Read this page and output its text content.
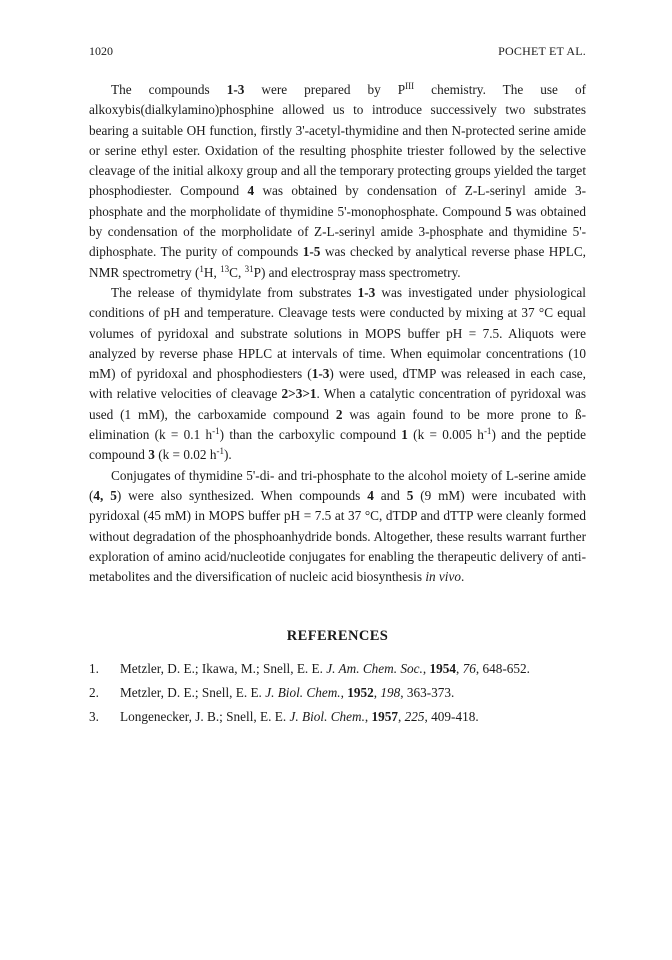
1020	POCHET ET AL.

The compounds 1-3 were prepared by $P^{III}$ chemistry. The use of alkoxybis(dialkylamino)phosphine allowed us to introduce successively two substrates bearing a suitable OH function, firstly 3'-acetyl-thymidine and then N-protected serine amide or serine ethyl ester. Oxidation of the resulting phosphite triester followed by the selective cleavage of the initial alkoxy group and all the temporary protecting groups yielded the target phosphodiester. Compound 4 was obtained by condensation of Z-L-serinyl amide 3-phosphate and the morpholidate of thymidine 5'-monophosphate. Compound 5 was obtained by condensation of the morpholidate of Z-L-serinyl amide 3-phosphate and thymidine 5'-diphosphate. The purity of compounds 1-5 was checked by analytical reverse phase HPLC, NMR spectrometry ($^1$H, $^{13}$C, $^{31}$P) and electrospray mass spectrometry.

The release of thymidylate from substrates 1-3 was investigated under physiological conditions of pH and temperature. Cleavage tests were conducted by mixing at 37 °C equal volumes of pyridoxal and substrate solutions in MOPS buffer pH = 7.5. Aliquots were analyzed by reverse phase HPLC at intervals of time. When equimolar concentrations (10 mM) of pyridoxal and phosphodiesters (1-3) were used, dTMP was released in each case, with relative velocities of cleavage 2>3>1. When a catalytic concentration of pyridoxal was used (1 mM), the carboxamide compound 2 was again found to be more prone to ß-elimination (k = 0.1 $h^{-1}$) than the carboxylic compound 1 (k = 0.005 $h^{-1}$) and the peptide compound 3 (k = 0.02 $h^{-1}$).

Conjugates of thymidine 5'-di- and tri-phosphate to the alcohol moiety of L-serine amide (4, 5) were also synthesized. When compounds 4 and 5 (9 mM) were incubated with pyridoxal (45 mM) in MOPS buffer pH = 7.5 at 37 °C, dTDP and dTTP were cleanly formed without degradation of the phosphoanhydride bonds. Altogether, these results warrant further exploration of amino acid/nucleotide conjugates for enabling the therapeutic delivery of anti-metabolites and the diversification of nucleic acid biosynthesis in vivo.

REFERENCES
1.	Metzler, D. E.; Ikawa, M.; Snell, E. E. J. Am. Chem. Soc., 1954, 76, 648-652.
2.	Metzler, D. E.; Snell, E. E. J. Biol. Chem., 1952, 198, 363-373.
3.	Longenecker, J. B.; Snell, E. E. J. Biol. Chem., 1957, 225, 409-418.
